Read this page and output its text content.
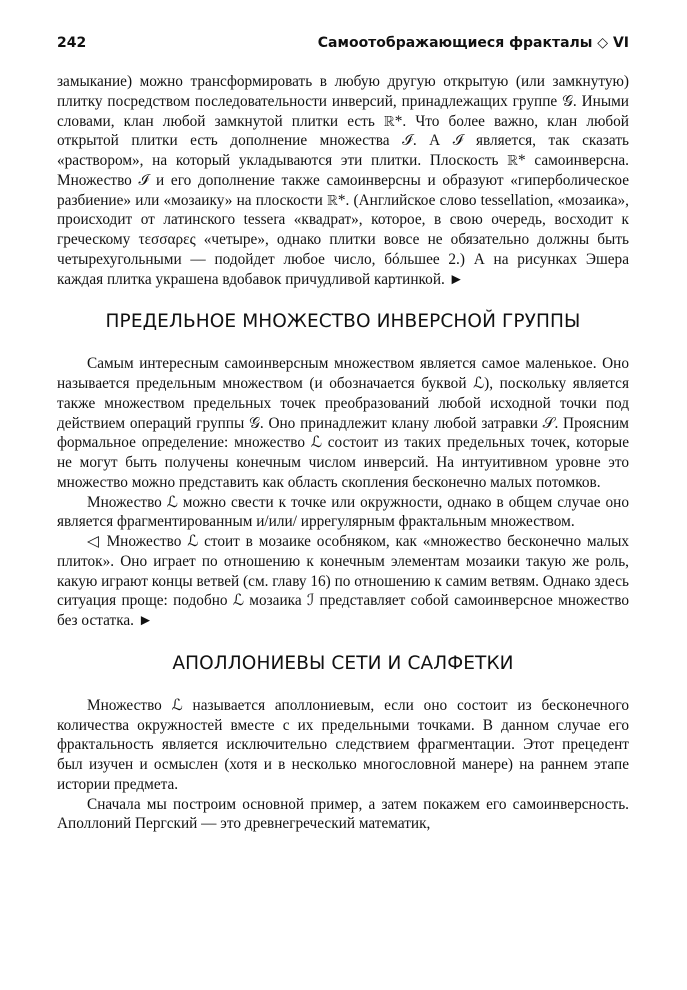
242	Самоотображающиеся фракталы ◇ VI

замыкание) можно трансформировать в любую другую открытую (или замкнутую) плитку посредством последовательности инверсий, принадлежащих группе 𝒢. Иными словами, клан любой замкнутой плитки есть ℝ*. Что более важно, клан любой открытой плитки есть дополнение множества ℐ. А ℐ является, так сказать «раствором», на который укладываются эти плитки. Плоскость ℝ* самоинверсна. Множество ℐ и его дополнение также самоинверсны и образуют «гиперболическое разбиение» или «мозаику» на плоскости ℝ*. (Английское слово tessellation, «мозаика», происходит от латинского tessera «квадрат», которое, в свою очередь, восходит к греческому τεσσαρες «четыре», однако плитки вовсе не обязательно должны быть четырехугольными — подойдет любое число, бóльшее 2.) А на рисунках Эшера каждая плитка украшена вдобавок причудливой картинкой. ►

ПРЕДЕЛЬНОЕ МНОЖЕСТВО ИНВЕРСНОЙ ГРУППЫ

Самым интересным самоинверсным множеством является самое маленькое. Оно называется предельным множеством (и обозначается буквой ℒ), поскольку является также множеством предельных точек преобразований любой исходной точки под действием операций группы 𝒢. Оно принадлежит клану любой затравки 𝒮. Проясним формальное определение: множество ℒ состоит из таких предельных точек, которые не могут быть получены конечным числом инверсий. На интуитивном уровне это множество можно представить как область скопления бесконечно малых потомков.

Множество ℒ можно свести к точке или окружности, однако в общем случае оно является фрагментированным и/или/ иррегулярным фрактальным множеством.

◁ Множество ℒ стоит в мозаике особняком, как «множество бесконечно малых плиток». Оно играет по отношению к конечным элементам мозаики такую же роль, какую играют концы ветвей (см. главу 16) по отношению к самим ветвям. Однако здесь ситуация проще: подобно ℒ мозаика ℐ представляет собой самоинверсное множество без остатка. ►

АПОЛЛОНИЕВЫ СЕТИ И САЛФЕТКИ

Множество ℒ называется аполлониевым, если оно состоит из бесконечного количества окружностей вместе с их предельными точками. В данном случае его фрактальность является исключительно следствием фрагментации. Этот прецедент был изучен и осмыслен (хотя и в несколько многословной манере) на раннем этапе истории предмета.

Сначала мы построим основной пример, а затем покажем его самоинверсность. Аполлоний Пергский — это древнегреческий математик,
